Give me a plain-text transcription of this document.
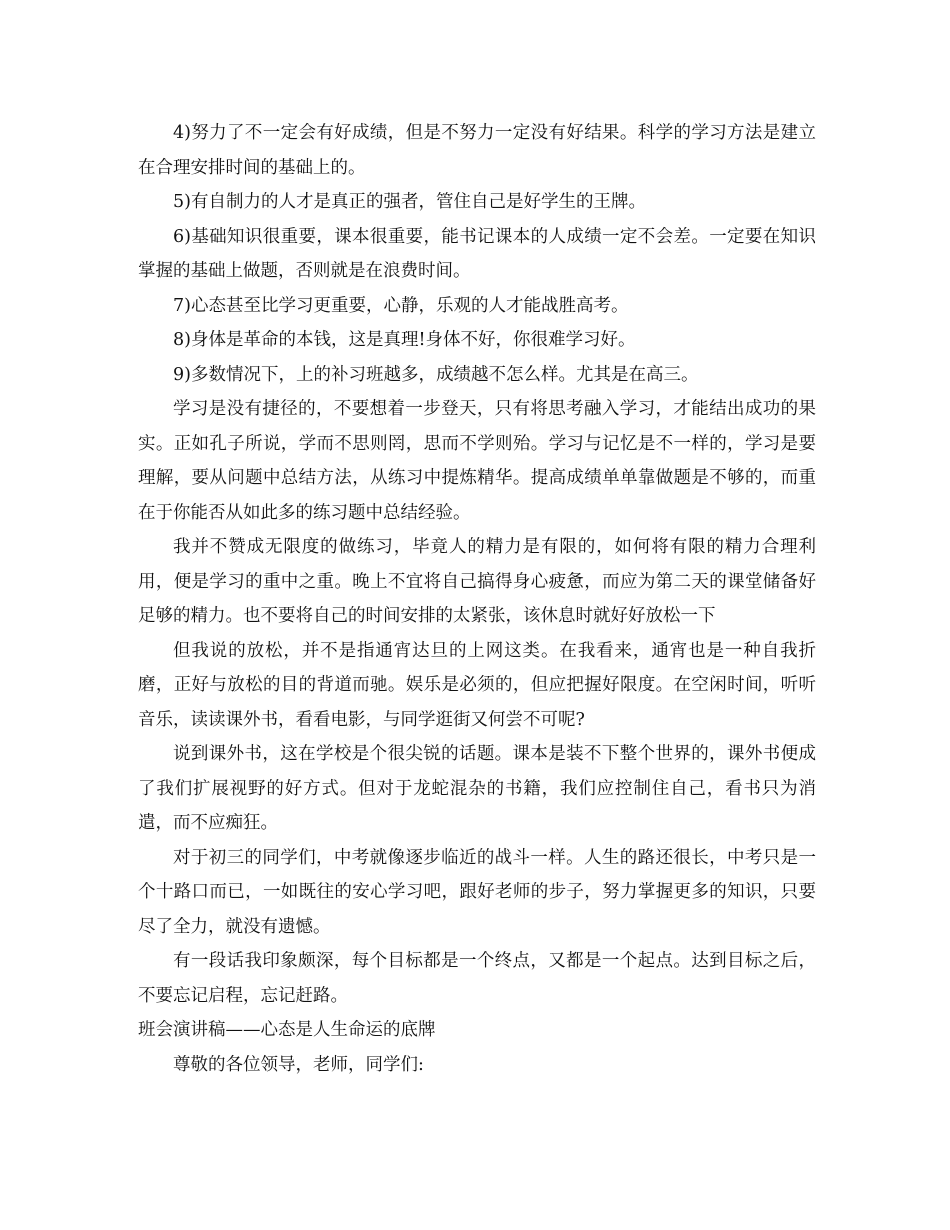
4)努力了不一定会有好成绩，但是不努力一定没有好结果。科学的学习方法是建立在合理安排时间的基础上的。

5)有自制力的人才是真正的强者，管住自己是好学生的王牌。

6)基础知识很重要，课本很重要，能书记课本的人成绩一定不会差。一定要在知识掌握的基础上做题，否则就是在浪费时间。

7)心态甚至比学习更重要，心静，乐观的人才能战胜高考。

8)身体是革命的本钱，这是真理!身体不好，你很难学习好。

9)多数情况下，上的补习班越多，成绩越不怎么样。尤其是在高三。

学习是没有捷径的，不要想着一步登天，只有将思考融入学习，才能结出成功的果实。正如孔子所说，学而不思则罔，思而不学则殆。学习与记忆是不一样的，学习是要理解，要从问题中总结方法，从练习中提炼精华。提高成绩单单靠做题是不够的，而重在于你能否从如此多的练习题中总结经验。

我并不赞成无限度的做练习，毕竟人的精力是有限的，如何将有限的精力合理利用，便是学习的重中之重。晚上不宜将自己搞得身心疲惫，而应为第二天的课堂储备好足够的精力。也不要将自己的时间安排的太紧张，该休息时就好好放松一下

但我说的放松，并不是指通宵达旦的上网这类。在我看来，通宵也是一种自我折磨，正好与放松的目的背道而驰。娱乐是必须的，但应把握好限度。在空闲时间，听听音乐，读读课外书，看看电影，与同学逛街又何尝不可呢?

说到课外书，这在学校是个很尖锐的话题。课本是装不下整个世界的，课外书便成了我们扩展视野的好方式。但对于龙蛇混杂的书籍，我们应控制住自己，看书只为消遣，而不应痴狂。

对于初三的同学们，中考就像逐步临近的战斗一样。人生的路还很长，中考只是一个十路口而已，一如既往的安心学习吧，跟好老师的步子，努力掌握更多的知识，只要尽了全力，就没有遗憾。

有一段话我印象颇深，每个目标都是一个终点，又都是一个起点。达到目标之后，不要忘记启程，忘记赶路。

班会演讲稿——心态是人生命运的底牌

尊敬的各位领导，老师，同学们:
